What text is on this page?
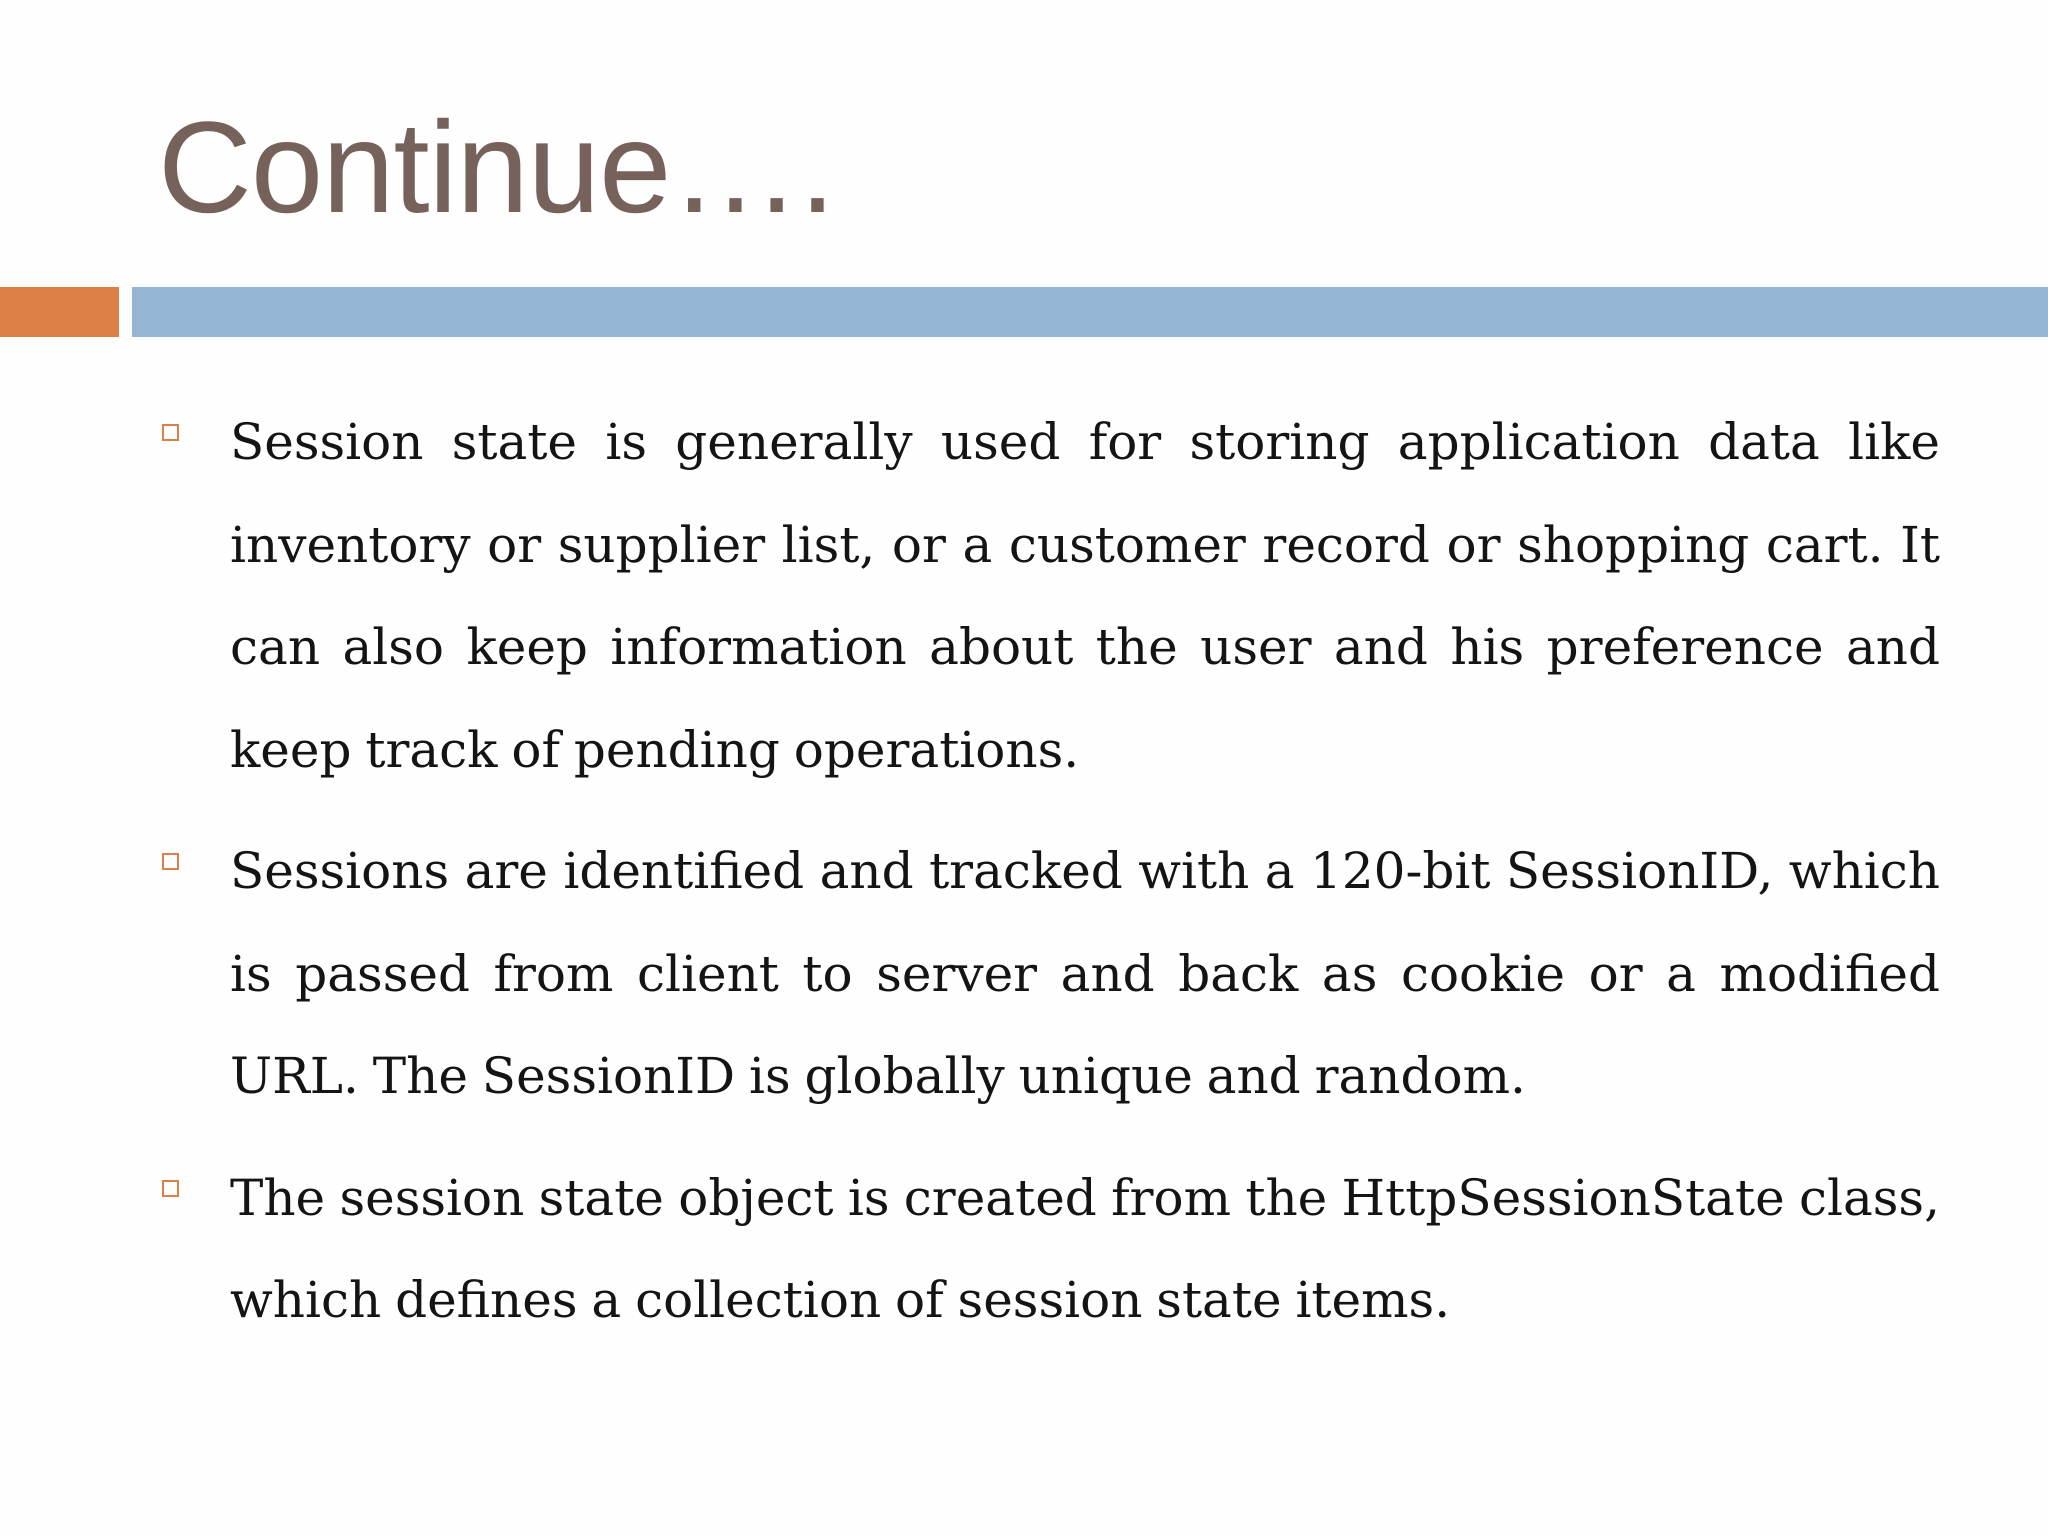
Continue….
Session state is generally used for storing application data like inventory or supplier list, or a customer record or shopping cart. It can also keep information about the user and his preference and keep track of pending operations.
Sessions are identified and tracked with a 120-bit SessionID, which is passed from client to server and back as cookie or a modified URL. The SessionID is globally unique and random.
The session state object is created from the HttpSessionState class, which defines a collection of session state items.
